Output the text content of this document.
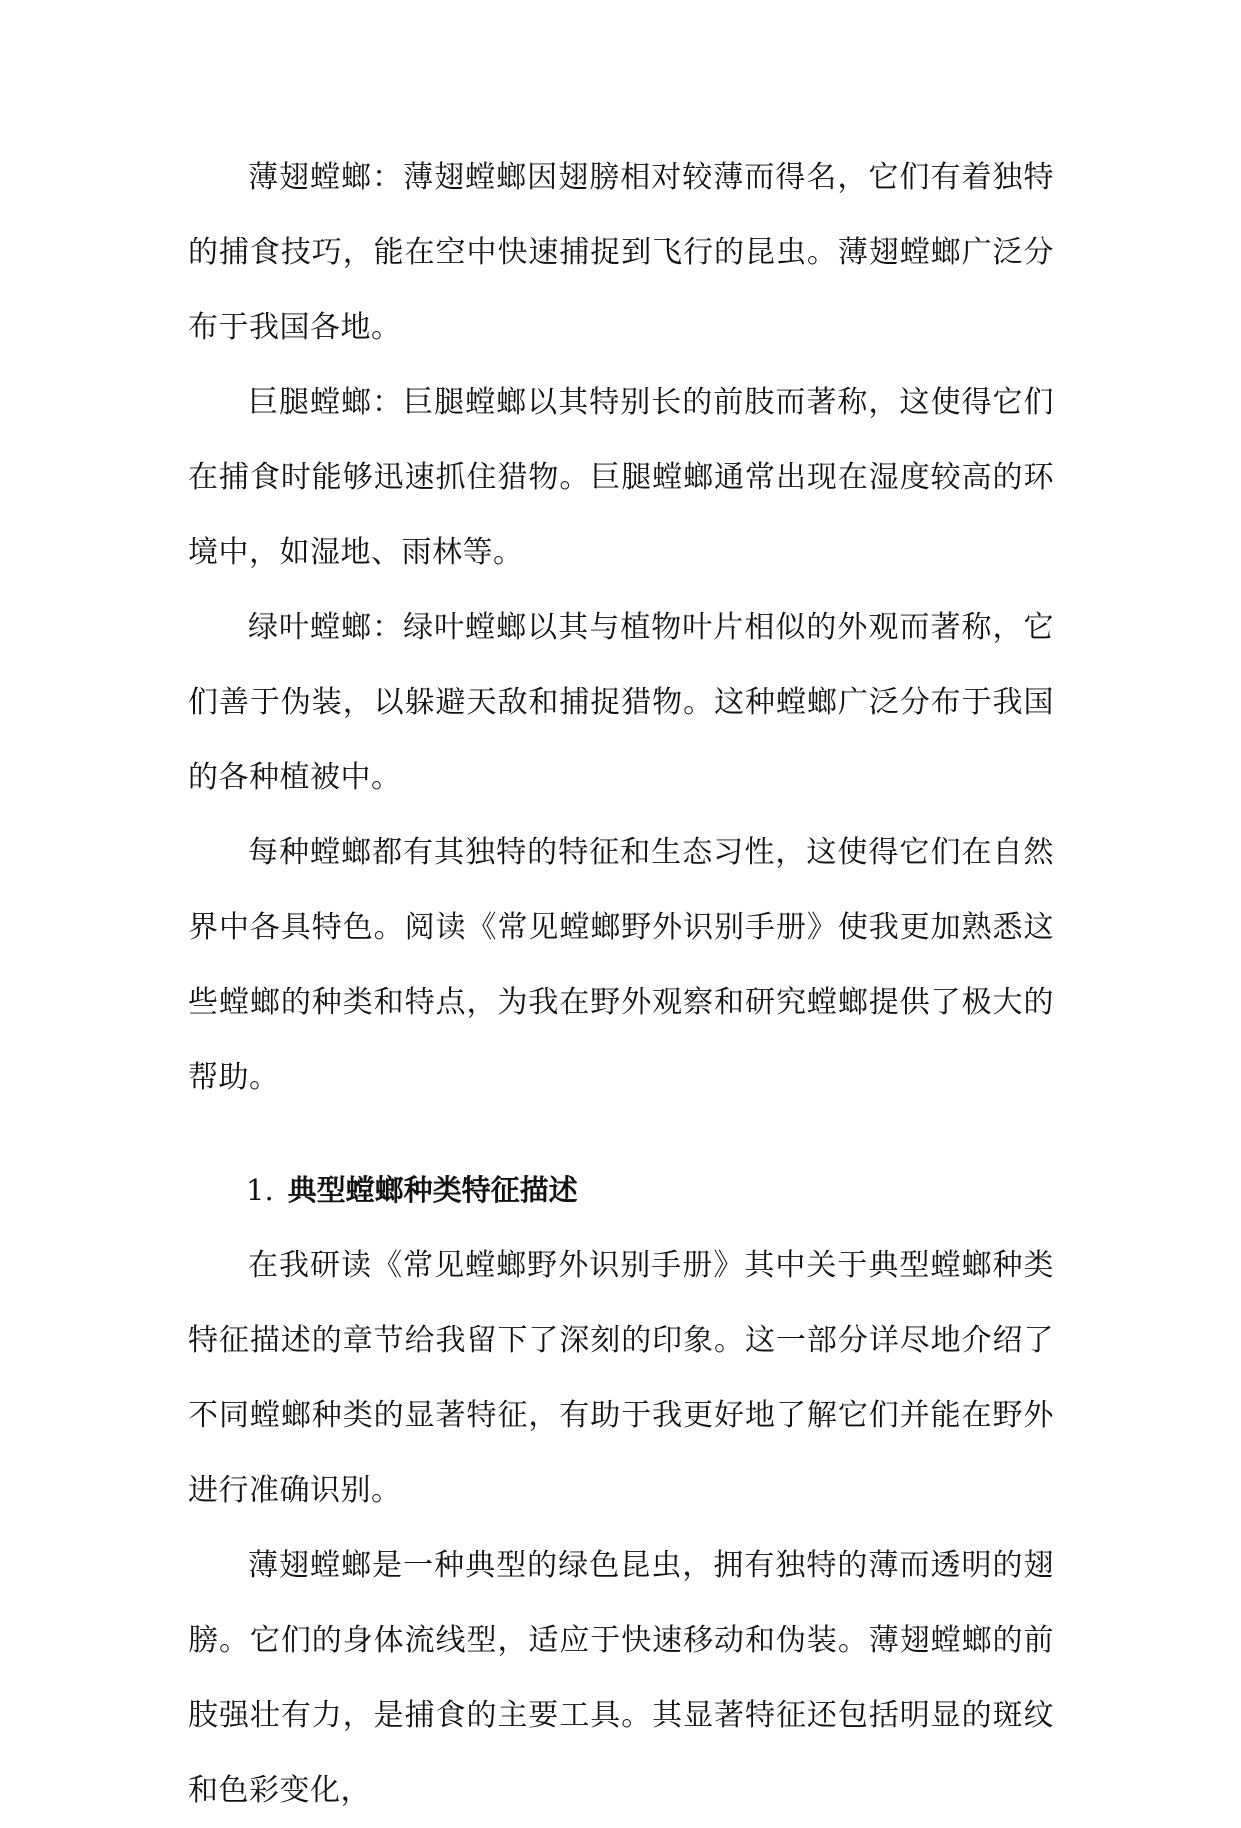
薄翅螳螂：薄翅螳螂因翅膀相对较薄而得名，它们有着独特的捕食技巧，能在空中快速捕捉到飞行的昆虫。薄翅螳螂广泛分布于我国各地。

巨腿螳螂：巨腿螳螂以其特别长的前肢而著称，这使得它们在捕食时能够迅速抓住猎物。巨腿螳螂通常出现在湿度较高的环境中，如湿地、雨林等。

绿叶螳螂：绿叶螳螂以其与植物叶片相似的外观而著称，它们善于伪装，以躲避天敌和捕捉猎物。这种螳螂广泛分布于我国的各种植被中。

每种螳螂都有其独特的特征和生态习性，这使得它们在自然界中各具特色。阅读《常见螳螂野外识别手册》使我更加熟悉这些螳螂的种类和特点，为我在野外观察和研究螳螂提供了极大的帮助。

1. 典型螳螂种类特征描述

在我研读《常见螳螂野外识别手册》其中关于典型螳螂种类特征描述的章节给我留下了深刻的印象。这一部分详尽地介绍了不同螳螂种类的显著特征，有助于我更好地了解它们并能在野外进行准确识别。

薄翅螳螂是一种典型的绿色昆虫，拥有独特的薄而透明的翅膀。它们的身体流线型，适应于快速移动和伪装。薄翅螳螂的前肢强壮有力，是捕食的主要工具。其显著特征还包括明显的斑纹和色彩变化，
